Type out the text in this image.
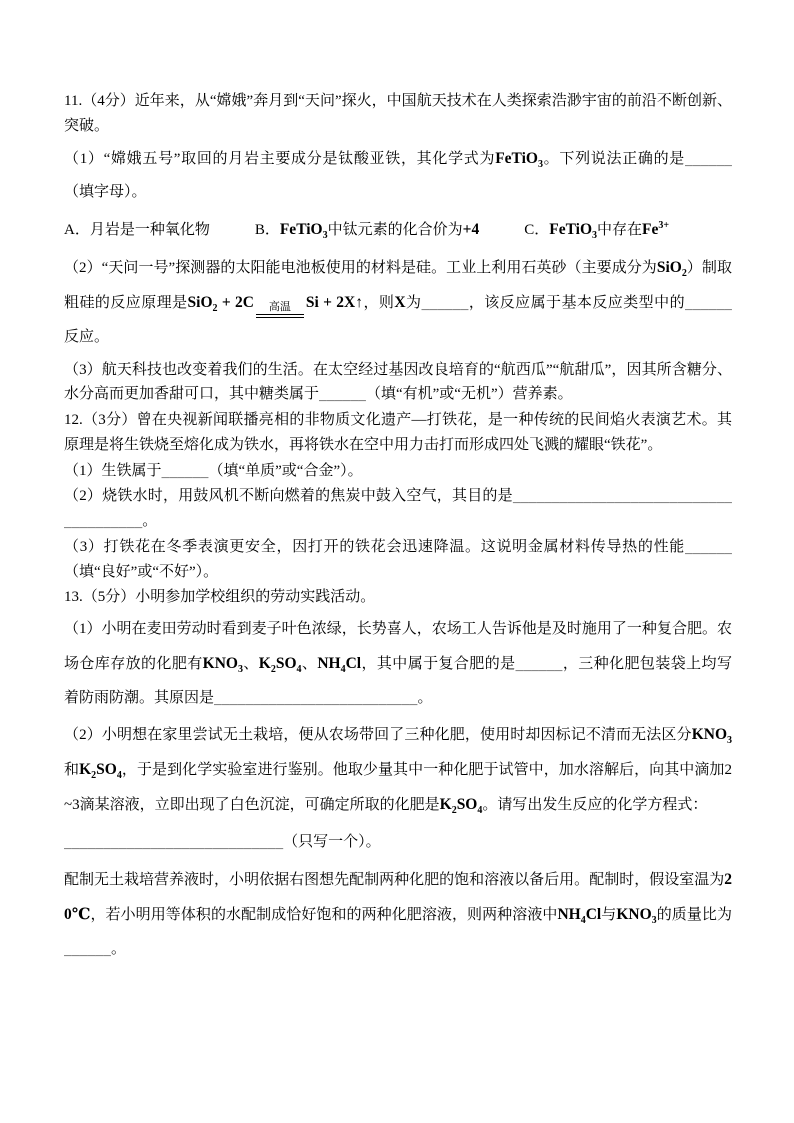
11.（4分）近年来，从“嫦娥”奔月到“天问”探火，中国航天技术在人类探索浩渺宇宙的前沿不断创新、突破。

（1）“嫦娥五号”取回的月岩主要成分是钛酸亚铁，其化学式为FeTiO$_3$。下列说法正确的是______（填字母）。

A．月岩是一种氧化物　　　B．FeTiO$_3$中钛元素的化合价为+4　　　C．FeTiO$_3$中存在$Fe^{3+}$

（2）“天问一号”探测器的太阳能电池板使用的材料是硅。工业上利用石英砂（主要成分为SiO$_2$）制取粗硅的反应原理是SiO$_2$ + 2C	高温 Si + 2X↑，则X为______，该反应属于基本反应类型中的______反应。

（3）航天科技也改变着我们的生活。在太空经过基因改良培育的“航西瓜”“航甜瓜”，因其所含糖分、水分高而更加香甜可口，其中糖类属于______（填“有机”或“无机”）营养素。

12.（3分）曾在央视新闻联播亮相的非物质文化遗产—打铁花，是一种传统的民间焰火表演艺术。其原理是将生铁烧至熔化成为铁水，再将铁水在空中用力击打而形成四处飞溅的耀眼“铁花”。

（1）生铁属于______（填“单质”或“合金”）。

（2）烧铁水时，用鼓风机不断向燃着的焦炭中鼓入空气，其目的是______________________________________。

（3）打铁花在冬季表演更安全，因打开的铁花会迅速降温。这说明金属材料传导热的性能______（填“良好”或“不好”）。

13.（5分）小明参加学校组织的劳动实践活动。

（1）小明在麦田劳动时看到麦子叶色浓绿，长势喜人，农场工人告诉他是及时施用了一种复合肥。农场仓库存放的化肥有$KNO_3$、$K_2SO_4$、$NH_4Cl$，其中属于复合肥的是______，三种化肥包装袋上均写着防雨防潮。其原因是__________________________。

（2）小明想在家里尝试无土栽培，便从农场带回了三种化肥，使用时却因标记不清而无法区分$KNO_3$和$K_2SO_4$，于是到化学实验室进行鉴别。他取少量其中一种化肥于试管中，加水溶解后，向其中滴加2~3滴某溶液，立即出现了白色沉淀，可确定所取的化肥是$K_2SO_4$。请写出发生反应的化学方程式：

____________________________（只写一个）。

配制无土栽培营养液时，小明依据右图想先配制两种化肥的饱和溶液以备后用。配制时，假设室温为20℃，若小明用等体积的水配制成恰好饱和的两种化肥溶液，则两种溶液中$NH_4Cl$与$KNO_3$的质量比为______。
